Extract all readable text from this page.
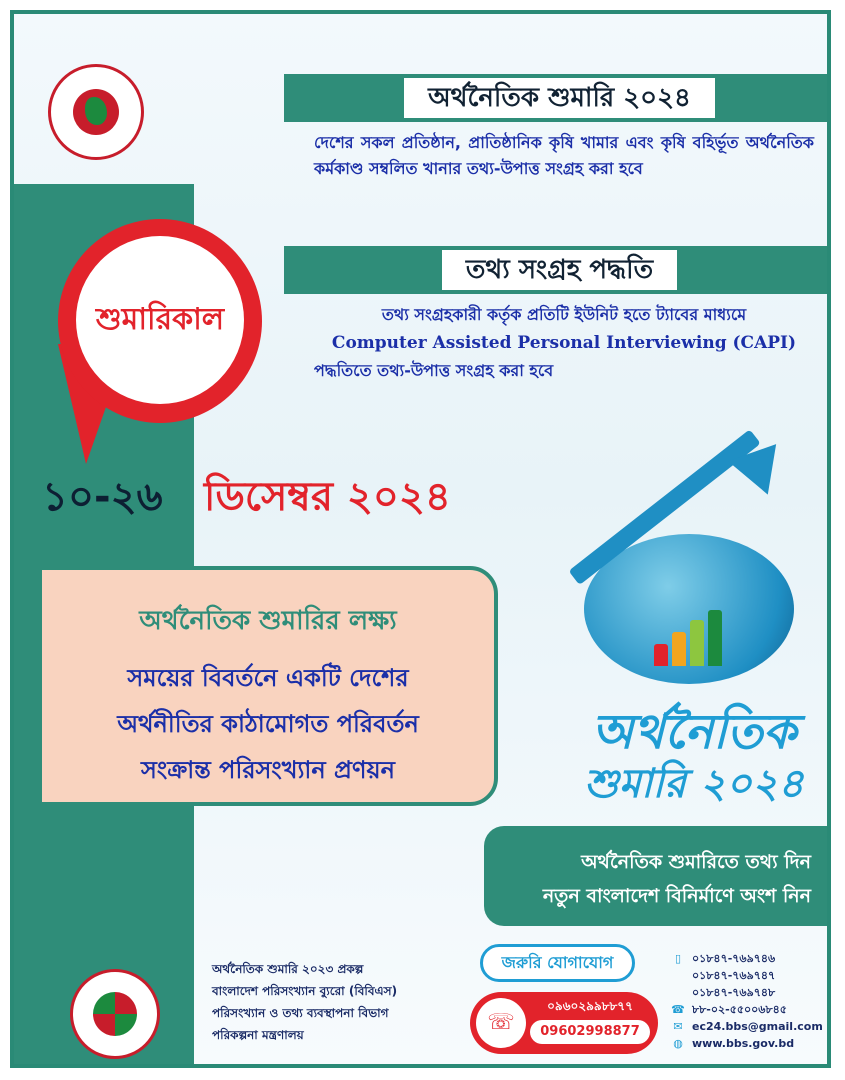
অর্থনৈতিক শুমারি ২০২৪
দেশের সকল প্রতিষ্ঠান, প্রাতিষ্ঠানিক কৃষি খামার এবং কৃষি বহির্ভূত অর্থনৈতিক কর্মকাণ্ড সম্বলিত খানার তথ্য-উপাত্ত সংগ্রহ করা হবে
তথ্য সংগ্রহ পদ্ধতি
তথ্য সংগ্রহকারী কর্তৃক প্রতিটি ইউনিট হতে ট্যাবের মাধ্যমে
Computer Assisted Personal Interviewing (CAPI)
পদ্ধতিতে তথ্য-উপাত্ত সংগ্রহ করা হবে
শুমারিকাল
১০-২৬ ডিসেম্বর ২০২৪
অর্থনৈতিক শুমারির লক্ষ্য
সময়ের বিবর্তনে একটি দেশের
অর্থনীতির কাঠামোগত পরিবর্তন
সংক্রান্ত পরিসংখ্যান প্রণয়ন
অর্থনৈতিক
শুমারি ২০২৪
অর্থনৈতিক শুমারিতে তথ্য দিন
নতুন বাংলাদেশ বিনির্মাণে অংশ নিন
অর্থনৈতিক শুমারি ২০২৩ প্রকল্প
বাংলাদেশ পরিসংখ্যান ব্যুরো (বিবিএস)
পরিসংখ্যান ও তথ্য ব্যবস্থাপনা বিভাগ
পরিকল্পনা মন্ত্রণালয়
জরুরি যোগাযোগ
☏
০৯৬০২৯৯৮৮৭৭
09602998877
▯ ০১৮৪৭-৭৬৯৭৪৬
০১৮৪৭-৭৬৯৭৪৭
০১৮৪৭-৭৬৯৭৪৮
☎ ৮৮-০২-৫৫০০৬৮৪৫
✉ ec24.bbs@gmail.com
◍ www.bbs.gov.bd
